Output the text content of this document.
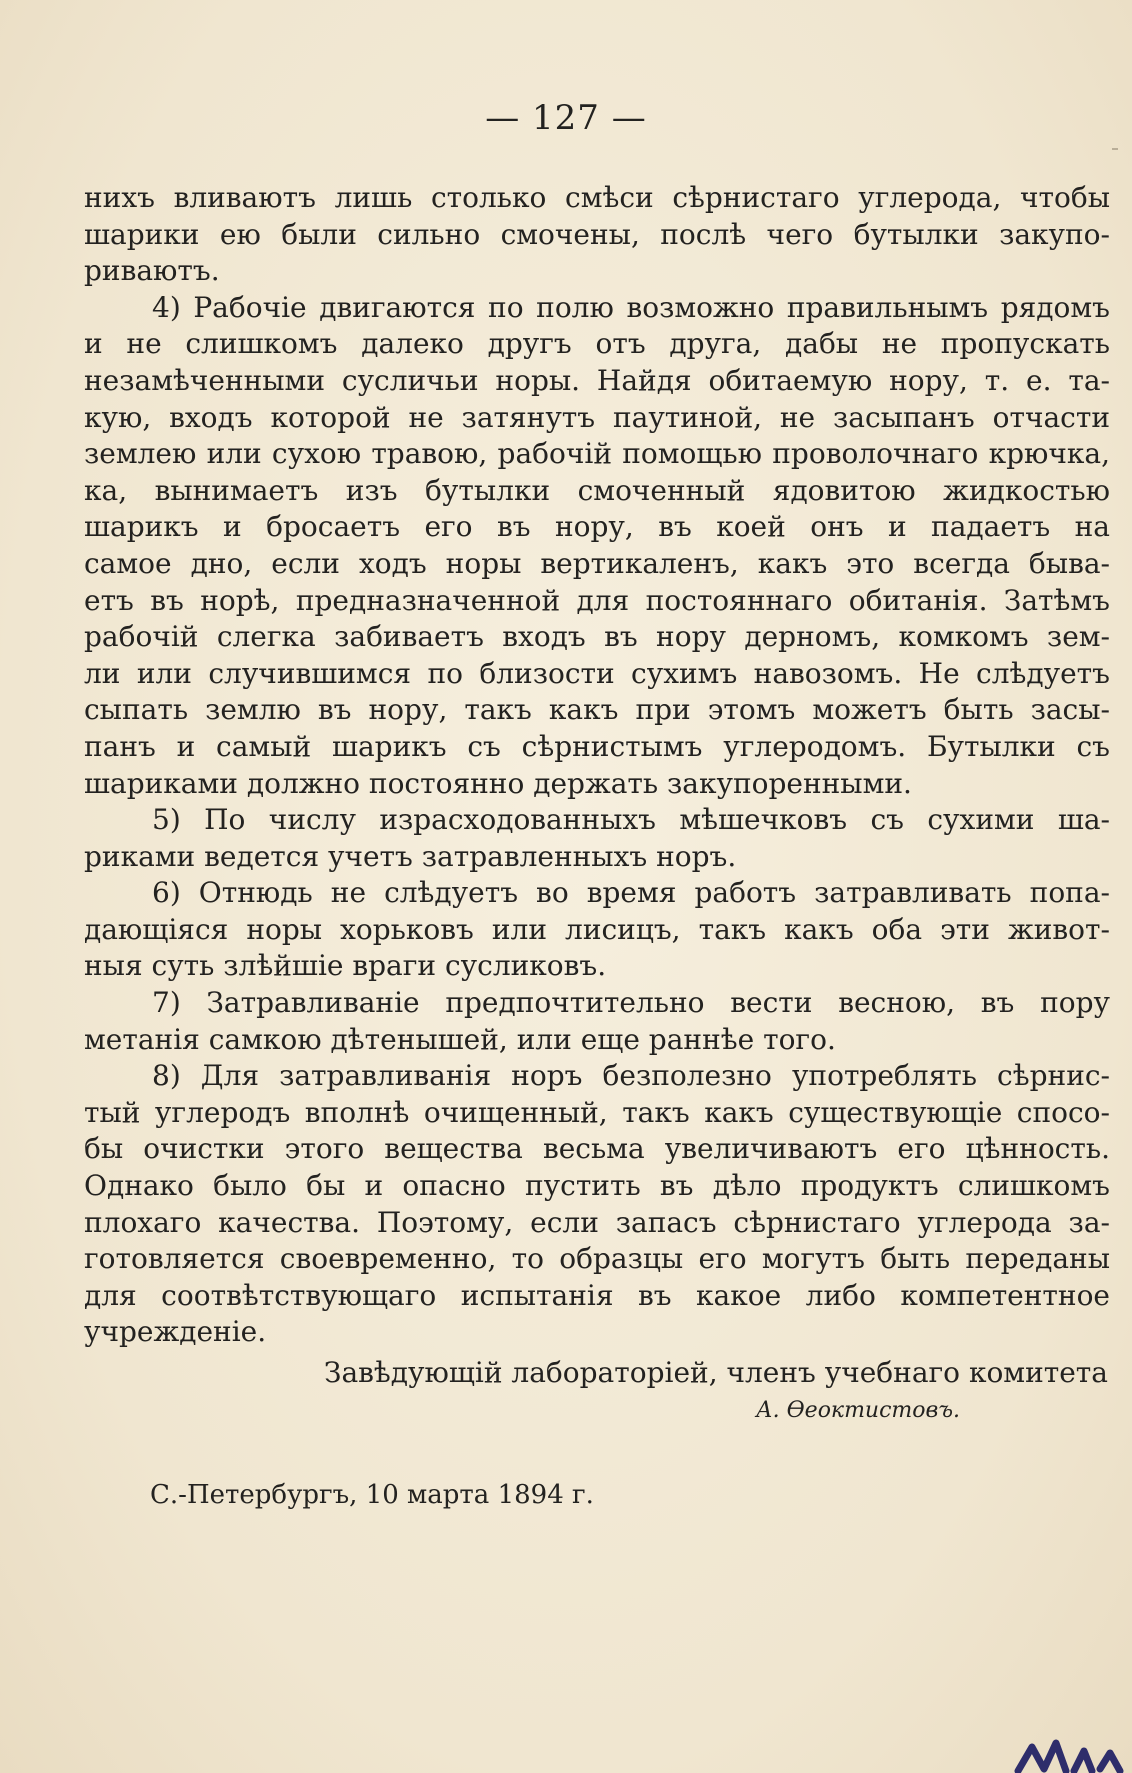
— 127 —
нихъ вливаютъ лишь столько смѣси сѣрнистаго углерода, чтобы
шарики ею были сильно смочены, послѣ чего бутылки закупо-
риваютъ.
4) Рабочіе двигаются по полю возможно правильнымъ рядомъ
и не слишкомъ далеко другъ отъ друга, дабы не пропускать
незамѣченными сусличьи норы. Найдя обитаемую нору, т. е. та-
кую, входъ которой не затянутъ паутиной, не засыпанъ отчасти
землею или сухою травою, рабочій помощью проволочнаго крючка,
ка, вынимаетъ изъ бутылки смоченный ядовитою жидкостью
шарикъ и бросаетъ его въ нору, въ коей онъ и падаетъ на
самое дно, если ходъ норы вертикаленъ, какъ это всегда быва-
етъ въ норѣ, предназначенной для постояннаго обитанія. Затѣмъ
рабочій слегка забиваетъ входъ въ нору дерномъ, комкомъ зем-
ли или случившимся по близости сухимъ навозомъ. Не слѣдуетъ
сыпать землю въ нору, такъ какъ при этомъ можетъ быть засы-
панъ и самый шарикъ съ сѣрнистымъ углеродомъ. Бутылки съ
шариками должно постоянно держать закупоренными.
5) По числу израсходованныхъ мѣшечковъ съ сухими ша-
риками ведется учетъ затравленныхъ норъ.
6) Отнюдь не слѣдуетъ во время работъ затравливать попа-
дающіяся норы хорьковъ или лисицъ, такъ какъ оба эти живот-
ныя суть злѣйшіе враги сусликовъ.
7) Затравливаніе предпочтительно вести весною, въ пору
метанія самкою дѣтенышей, или еще раннѣе того.
8) Для затравливанія норъ безполезно употреблять сѣрнис-
тый углеродъ вполнѣ очищенный, такъ какъ существующіе спосо-
бы очистки этого вещества весьма увеличиваютъ его цѣнность.
Однако было бы и опасно пустить въ дѣло продуктъ слишкомъ
плохаго качества. Поэтому, если запасъ сѣрнистаго углерода за-
готовляется своевременно, то образцы его могутъ быть переданы
для соотвѣтствующаго испытанія въ какое либо компетентное
учрежденіе.
Завѣдующій лабораторіей, членъ учебнаго комитета
А. Ѳеоктистовъ.
С.-Петербургъ, 10 марта 1894 г.
